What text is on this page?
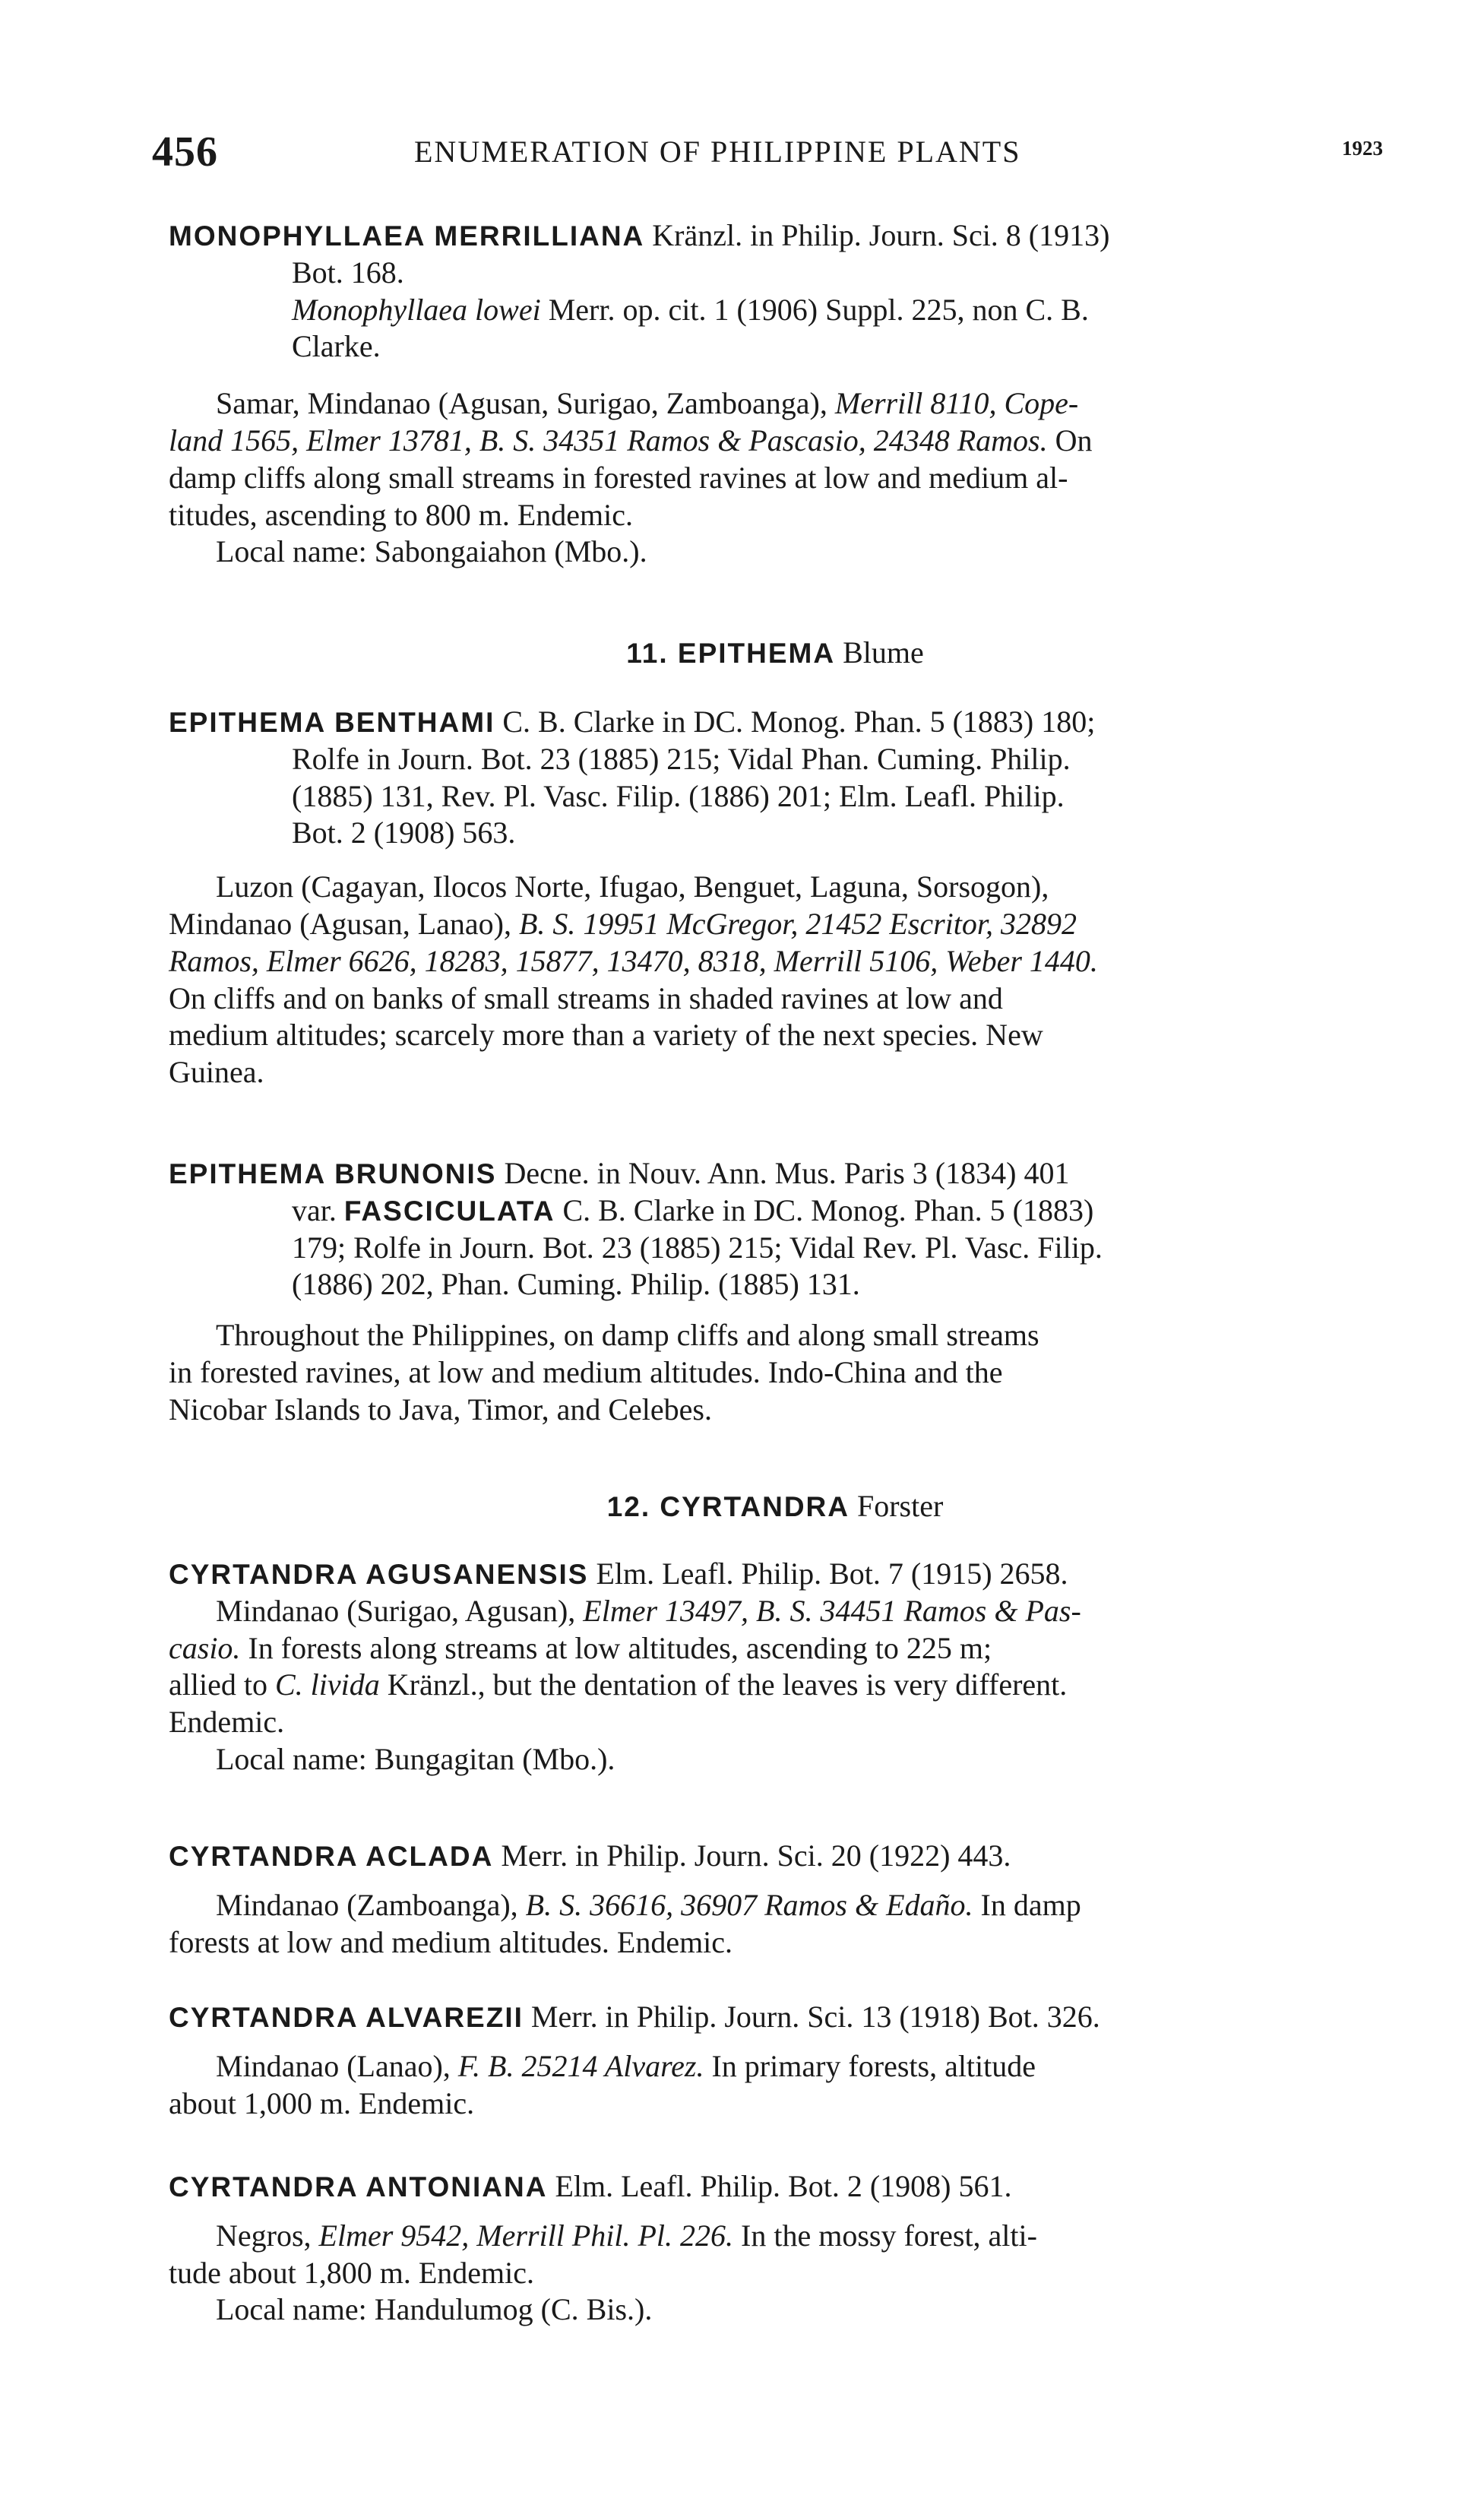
456	ENUMERATION OF PHILIPPINE PLANTS	1923
MONOPHYLLAEA MERRILLIANA Kränzl. in Philip. Journ. Sci. 8 (1913)
Bot. 168.
Monophyllaea lowei Merr. op. cit. 1 (1906) Suppl. 225, non C. B.
Clarke.
Samar, Mindanao (Agusan, Surigao, Zamboanga), Merrill 8110, Cope-
land 1565, Elmer 13781, B. S. 34351 Ramos & Pascasio, 24348 Ramos. On
damp cliffs along small streams in forested ravines at low and medium al-
titudes, ascending to 800 m. Endemic.
Local name: Sabongaiahon (Mbo.).
11. EPITHEMA Blume
EPITHEMA BENTHAMI C. B. Clarke in DC. Monog. Phan. 5 (1883) 180;
Rolfe in Journ. Bot. 23 (1885) 215; Vidal Phan. Cuming. Philip.
(1885) 131, Rev. Pl. Vasc. Filip. (1886) 201; Elm. Leafl. Philip.
Bot. 2 (1908) 563.
Luzon (Cagayan, Ilocos Norte, Ifugao, Benguet, Laguna, Sorsogon),
Mindanao (Agusan, Lanao), B. S. 19951 McGregor, 21452 Escritor, 32892
Ramos, Elmer 6626, 18283, 15877, 13470, 8318, Merrill 5106, Weber 1440.
On cliffs and on banks of small streams in shaded ravines at low and
medium altitudes; scarcely more than a variety of the next species. New
Guinea.
EPITHEMA BRUNONIS Decne. in Nouv. Ann. Mus. Paris 3 (1834) 401
var. FASCICULATA C. B. Clarke in DC. Monog. Phan. 5 (1883)
179; Rolfe in Journ. Bot. 23 (1885) 215; Vidal Rev. Pl. Vasc. Filip.
(1886) 202, Phan. Cuming. Philip. (1885) 131.
Throughout the Philippines, on damp cliffs and along small streams
in forested ravines, at low and medium altitudes. Indo-China and the
Nicobar Islands to Java, Timor, and Celebes.
12. CYRTANDRA Forster
CYRTANDRA AGUSANENSIS Elm. Leafl. Philip. Bot. 7 (1915) 2658.
Mindanao (Surigao, Agusan), Elmer 13497, B. S. 34451 Ramos & Pas-
casio. In forests along streams at low altitudes, ascending to 225 m;
allied to C. livida Kränzl., but the dentation of the leaves is very different.
Endemic.
Local name: Bungagitan (Mbo.).
CYRTANDRA ACLADA Merr. in Philip. Journ. Sci. 20 (1922) 443.
Mindanao (Zamboanga), B. S. 36616, 36907 Ramos & Edaño. In damp
forests at low and medium altitudes. Endemic.
CYRTANDRA ALVAREZII Merr. in Philip. Journ. Sci. 13 (1918) Bot. 326.
Mindanao (Lanao), F. B. 25214 Alvarez. In primary forests, altitude
about 1,000 m. Endemic.
CYRTANDRA ANTONIANA Elm. Leafl. Philip. Bot. 2 (1908) 561.
Negros, Elmer 9542, Merrill Phil. Pl. 226. In the mossy forest, alti-
tude about 1,800 m. Endemic.
Local name: Handulumog (C. Bis.).
